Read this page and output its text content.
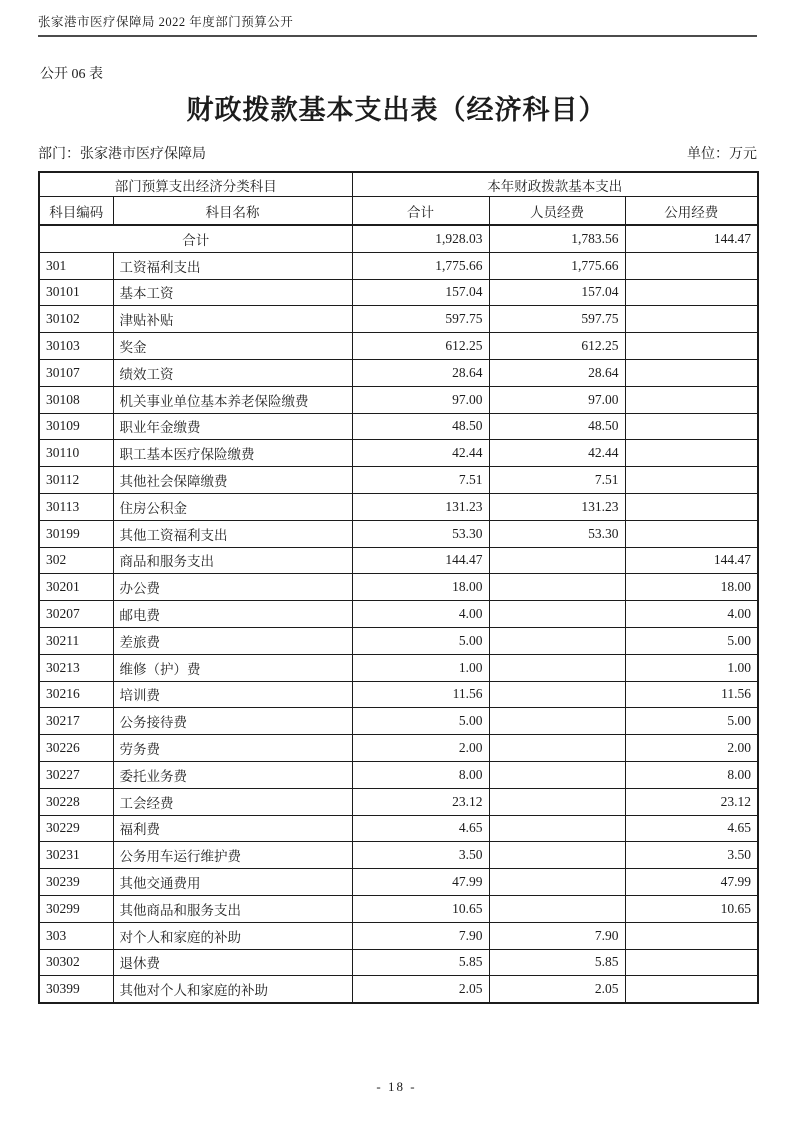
张家港市医疗保障局 2022 年度部门预算公开
公开 06 表
财政拨款基本支出表（经济科目）
部门：张家港市医疗保障局	单位：万元
部门预算支出经济分类科目		本年财政拨款基本支出		
科目编码	科目名称	合计	人员经费	公用经费
合计		1,928.03	1,783.56	144.47
301	工资福利支出	1,775.66	1,775.66	
30101	基本工资	157.04	157.04	
30102	津贴补贴	597.75	597.75	
30103	奖金	612.25	612.25	
30107	绩效工资	28.64	28.64	
30108	机关事业单位基本养老保险缴费	97.00	97.00	
30109	职业年金缴费	48.50	48.50	
30110	职工基本医疗保险缴费	42.44	42.44	
30112	其他社会保障缴费	7.51	7.51	
30113	住房公积金	131.23	131.23	
30199	其他工资福利支出	53.30	53.30	
302	商品和服务支出	144.47		144.47
30201	办公费	18.00		18.00
30207	邮电费	4.00		4.00
30211	差旅费	5.00		5.00
30213	维修（护）费	1.00		1.00
30216	培训费	11.56		11.56
30217	公务接待费	5.00		5.00
30226	劳务费	2.00		2.00
30227	委托业务费	8.00		8.00
30228	工会经费	23.12		23.12
30229	福利费	4.65		4.65
30231	公务用车运行维护费	3.50		3.50
30239	其他交通费用	47.99		47.99
30299	其他商品和服务支出	10.65		10.65
303	对个人和家庭的补助	7.90	7.90	
30302	退休费	5.85	5.85	
30399	其他对个人和家庭的补助	2.05	2.05	
- 18 -
